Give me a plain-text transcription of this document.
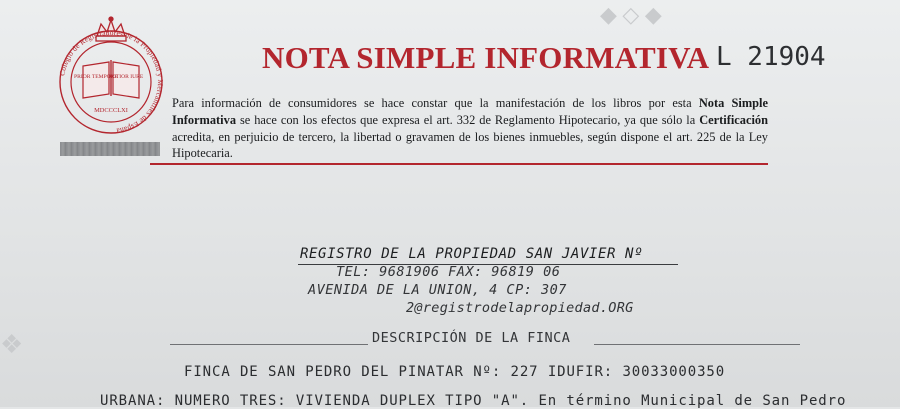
◆ ◇ ◆
❖
Colegio de Registradores de la Propiedad y Mercantiles de España
PRIOR TEMPORE
POTIOR IURE
MDCCCLXI
NOTA SIMPLE INFORMATIVA L 21904
Para información de consumidores se hace constar que la manifestación de los libros por esta Nota Simple Informativa se hace con los efectos que expresa el art. 332 de Reglamento Hipotecario, ya que sólo la Certificación acredita, en perjuicio de tercero, la libertad o gravamen de los bienes inmuebles, según dispone el art. 225 de la Ley Hipotecaria.
REGISTRO DE LA PROPIEDAD SAN JAVIER Nº
TEL: 9681906 FAX: 96819 06
AVENIDA DE LA UNION, 4 CP: 307
2@registrodelapropiedad.ORG
DESCRIPCIÓN DE LA FINCA
FINCA DE SAN PEDRO DEL PINATAR Nº: 227 IDUFIR: 30033000350
URBANA: NUMERO TRES: VIVIENDA DUPLEX TIPO "A". En término Municipal de San Pedro
